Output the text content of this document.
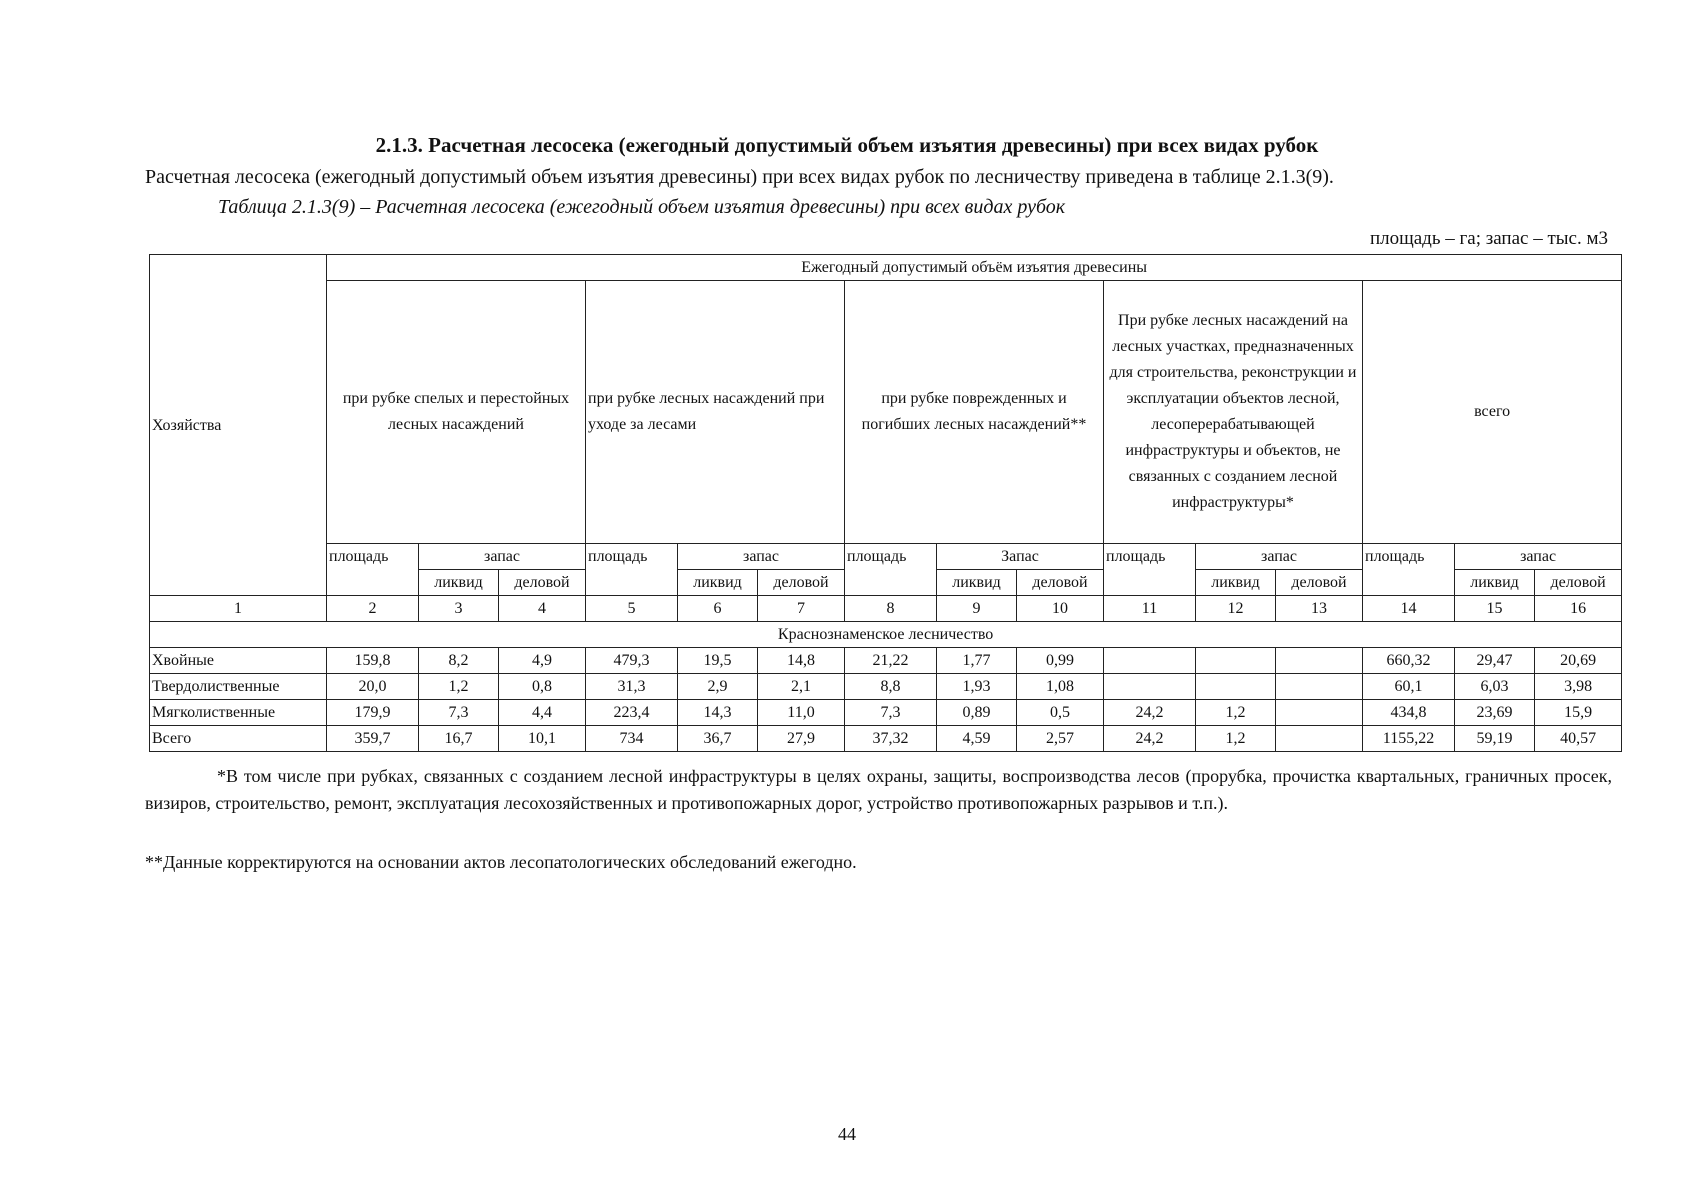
2.1.3. Расчетная лесосека (ежегодный допустимый объем изъятия древесины) при всех видах рубок
Расчетная лесосека (ежегодный допустимый объем изъятия древесины) при всех видах рубок по лесничеству приведена в таблице 2.1.3(9).
Таблица 2.1.3(9) – Расчетная лесосека (ежегодный объем изъятия древесины) при всех видах рубок
площадь – га; запас – тыс. м3
Хозяйства	Ежегодный допустимый объём изъятия древесины														
	при рубке спелых и перестойных лесных насаждений			при рубке лесных насаждений при уходе за лесами			при рубке поврежденных и погибших лесных насаждений**			При рубке лесных насаждений на лесных участках, предназначенных для строительства, реконструкции и эксплуатации объектов лесной, лесоперерабатывающей инфраструктуры и объектов, не связанных с созданием лесной инфраструктуры*			всего		
	площадь	запас		площадь	запас		площадь	Запас		площадь	запас		площадь	запас	
		ликвид	деловой		ликвид	деловой		ликвид	деловой		ликвид	деловой		ликвид	деловой
1	2	3	4	5	6	7	8	9	10	11	12	13	14	15	16
Краснознаменское лесничество															
Хвойные	159,8	8,2	4,9	479,3	19,5	14,8	21,22	1,77	0,99				660,32	29,47	20,69
Твердолиственные	20,0	1,2	0,8	31,3	2,9	2,1	8,8	1,93	1,08				60,1	6,03	3,98
Мягколиственные	179,9	7,3	4,4	223,4	14,3	11,0	7,3	0,89	0,5	24,2	1,2		434,8	23,69	15,9
Всего	359,7	16,7	10,1	734	36,7	27,9	37,32	4,59	2,57	24,2	1,2		1155,22	59,19	40,57
*В том числе при рубках, связанных с созданием лесной инфраструктуры в целях охраны, защиты, воспроизводства лесов (прорубка, прочистка квартальных, граничных просек, визиров, строительство, ремонт, эксплуатация лесохозяйственных и противопожарных дорог, устройство противопожарных разрывов и т.п.).
**Данные корректируются на основании актов лесопатологических обследований ежегодно.
44
